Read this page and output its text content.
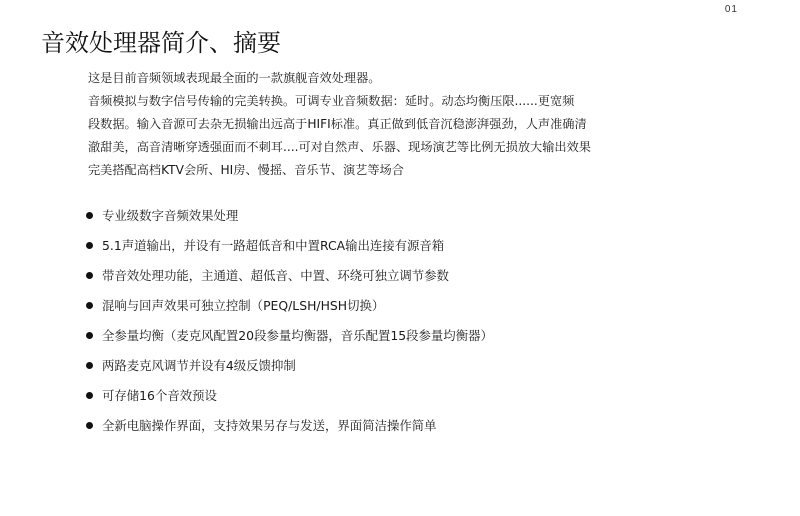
01
音效处理器简介、摘要

这是目前音频领域表现最全面的一款旗舰音效处理器。

音频模拟与数字信号传输的完美转换。可调专业音频数据：延时。动态均衡压限......更宽频

段数据。输入音源可去杂无损输出远高于HIFI标准。真正做到低音沉稳澎湃强劲，人声准确清

澈甜美，高音清晰穿透强面而不刺耳....可对自然声、乐器、现场演艺等比例无损放大输出效果

完美搭配高档KTV会所、HI房、慢摇、音乐节、演艺等场合

专业级数字音频效果处理
5.1声道输出，并设有一路超低音和中置RCA输出连接有源音箱
带音效处理功能，主通道、超低音、中置、环绕可独立调节参数
混响与回声效果可独立控制（PEQ/LSH/HSH切换）
全参量均衡（麦克风配置20段参量均衡器，音乐配置15段参量均衡器）
两路麦克风调节并设有4级反馈抑制
可存储16个音效预设
全新电脑操作界面，支持效果另存与发送，界面简洁操作简单
